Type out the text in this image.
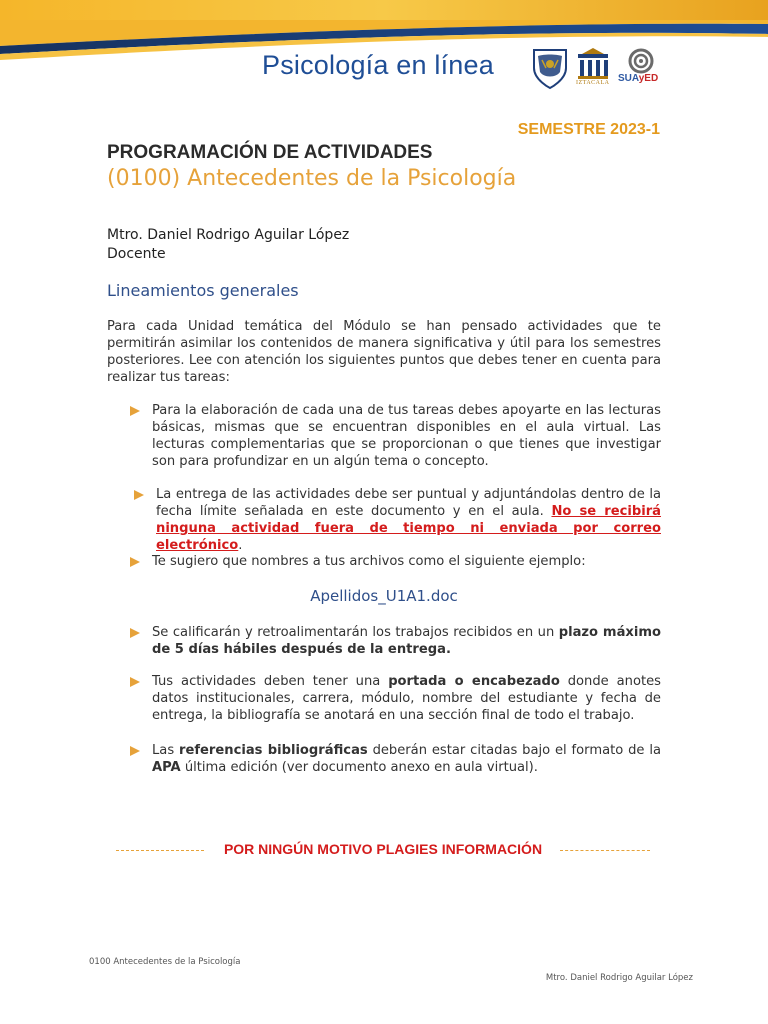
Psicología en línea
IZTACALA SUAyED
SEMESTRE 2023-1
PROGRAMACIÓN DE ACTIVIDADES
(0100) Antecedentes de la Psicología
Mtro. Daniel Rodrigo Aguilar López
Docente
Lineamientos generales

Para cada Unidad temática del Módulo se han pensado actividades que te permitirán asimilar los contenidos de manera significativa y útil para los semestres posteriores. Lee con atención los siguientes puntos que debes tener en cuenta para realizar tus tareas:

Para la elaboración de cada una de tus tareas debes apoyarte en las lecturas básicas, mismas que se encuentran disponibles en el aula virtual. Las lecturas complementarias que se proporcionan o que tienes que investigar son para profundizar en un algún tema o concepto.
La entrega de las actividades debe ser puntual y adjuntándolas dentro de la fecha límite señalada en este documento y en el aula. No se recibirá ninguna actividad fuera de tiempo ni enviada por correo electrónico.
Te sugiero que nombres a tus archivos como el siguiente ejemplo:
Apellidos_U1A1.doc
Se calificarán y retroalimentarán los trabajos recibidos en un plazo máximo de 5 días hábiles después de la entrega.
Tus actividades deben tener una portada o encabezado donde anotes datos institucionales, carrera, módulo, nombre del estudiante y fecha de entrega, la bibliografía se anotará en una sección final de todo el trabajo.
Las referencias bibliográficas deberán estar citadas bajo el formato de la APA última edición (ver documento anexo en aula virtual).
POR NINGÚN MOTIVO PLAGIES INFORMACIÓN
0100 Antecedentes de la Psicología
Mtro. Daniel Rodrigo Aguilar López
